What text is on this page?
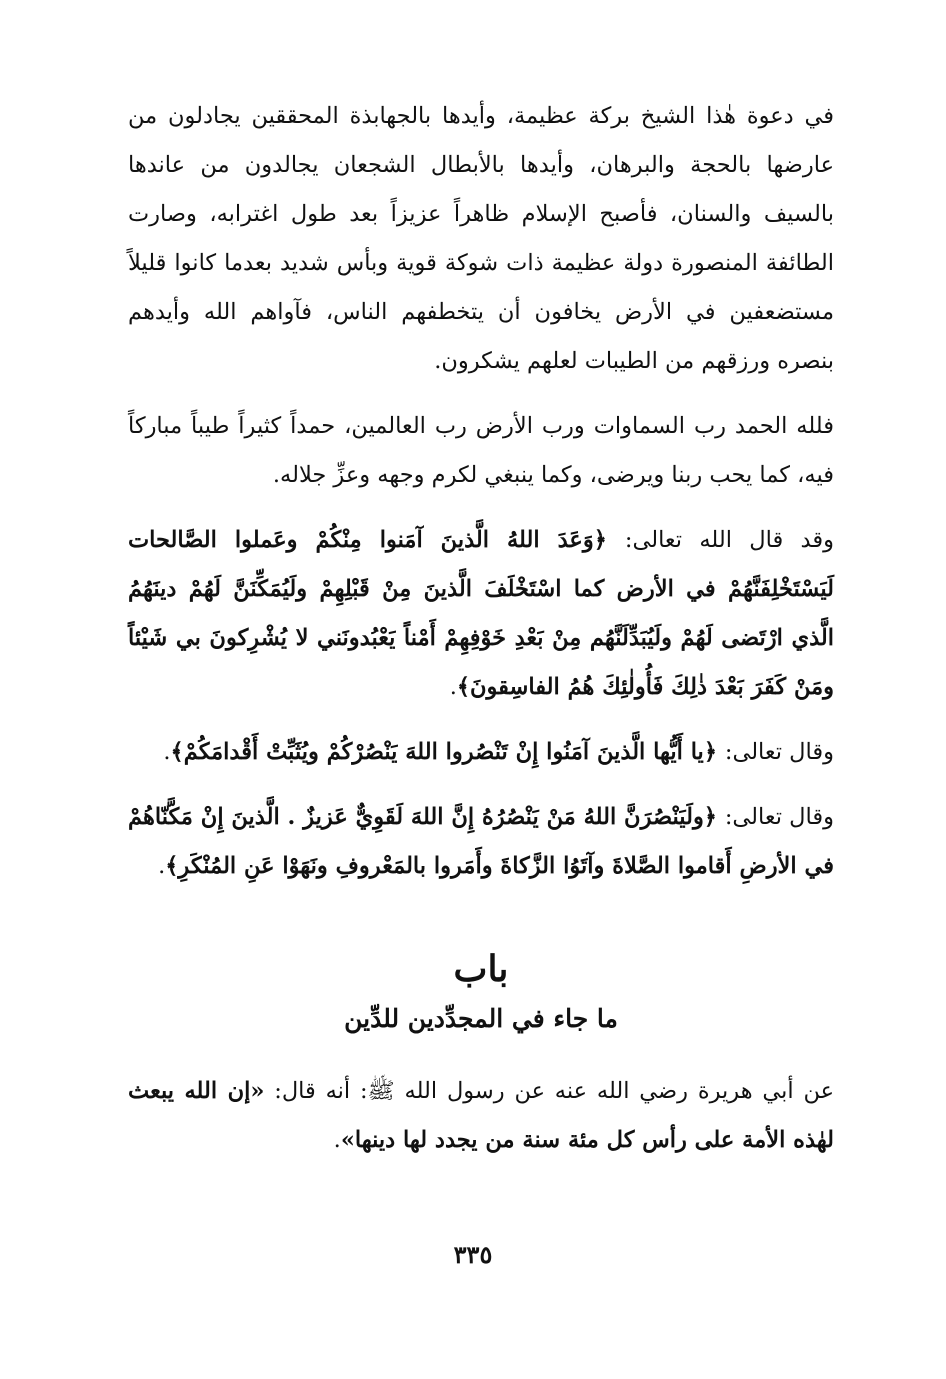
في دعوة هٰذا الشيخ بركة عظيمة، وأيدها بالجهابذة المحققين يجادلون من عارضها بالحجة والبرهان، وأيدها بالأبطال الشجعان يجالدون من عاندها بالسيف والسنان، فأصبح الإسلام ظاهراً عزيزاً بعد طول اغترابه، وصارت الطائفة المنصورة دولة عظيمة ذات شوكة قوية وبأس شديد بعدما كانوا قليلاً مستضعفين في الأرض يخافون أن يتخطفهم الناس، فآواهم الله وأيدهم بنصره ورزقهم من الطيبات لعلهم يشكرون.

فلله الحمد رب السماوات ورب الأرض رب العالمين، حمداً كثيراً طيباً مباركاً فيه، كما يحب ربنا ويرضى، وكما ينبغي لكرم وجهه وعزِّ جلاله.

وقد قال الله تعالى: ﴿وَعَدَ اللهُ الَّذينَ آمَنوا مِنْكُمْ وعَملوا الصَّالحات لَيَسْتَخْلِفَنَّهُمْ في الأرض كما اسْتَخْلَفَ الَّذينَ مِنْ قَبْلِهِمْ ولَيُمَكِّنَنَّ لَهُمْ دينَهُمُ الَّذي ارْتَضى لَهُمْ ولَيُبَدِّلَنَّهُم مِنْ بَعْدِ خَوْفِهِمْ أَمْناً يَعْبُدونَني لا يُشْرِكونَ بي شَيْئاً ومَنْ كَفَرَ بَعْدَ ذٰلِكَ فَأُولٰئِكَ هُمُ الفاسِقونَ﴾.

وقال تعالى: ﴿يا أَيُّها الَّذينَ آمَنُوا إِنْ تَنْصُروا اللهَ يَنْصُرْكُمْ ويُثَبِّتْ أَقْدامَكُمْ﴾.

وقال تعالى: ﴿ولَيَنْصُرَنَّ اللهُ مَنْ يَنْصُرُهُ إِنَّ اللهَ لَقَوِيٌّ عَزيزٌ . الَّذينَ إِنْ مَكَّنّاهُمْ في الأرضِ أَقاموا الصَّلاةَ وآتَوُا الزَّكاةَ وأَمَروا بالمَعْروفِ ونَهَوْا عَنِ المُنْكَرِ﴾.

باب
ما جاء في المجدِّدين للدِّين

عن أبي هريرة رضي الله عنه عن رسول الله ﷺ: أنه قال: «إن الله يبعث لهٰذه الأمة على رأس كل مئة سنة من يجدد لها دينها».

٣٣٥
